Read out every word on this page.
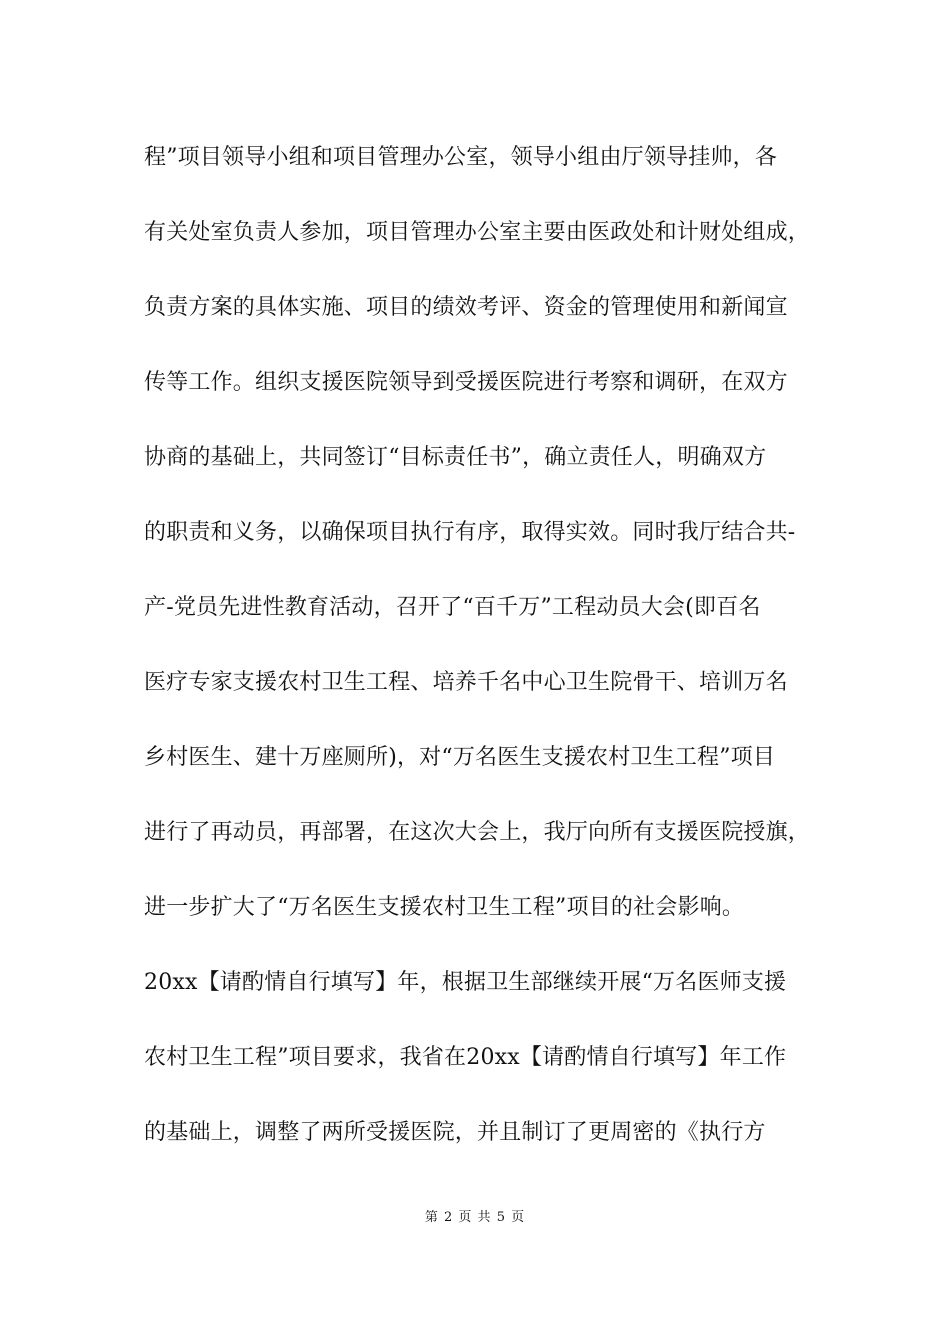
程”项目领导小组和项目管理办公室，领导小组由厅领导挂帅，各
有关处室负责人参加，项目管理办公室主要由医政处和计财处组成，
负责方案的具体实施、项目的绩效考评、资金的管理使用和新闻宣
传等工作。组织支援医院领导到受援医院进行考察和调研，在双方
协商的基础上，共同签订“目标责任书”，确立责任人，明确双方
的职责和义务，以确保项目执行有序，取得实效。同时我厅结合共-
产-党员先进性教育活动，召开了“百千万”工程动员大会(即百名
医疗专家支援农村卫生工程、培养千名中心卫生院骨干、培训万名
乡村医生、建十万座厕所)，对“万名医生支援农村卫生工程”项目
进行了再动员，再部署，在这次大会上，我厅向所有支援医院授旗，
进一步扩大了“万名医生支援农村卫生工程”项目的社会影响。
20xx【请酌情自行填写】年，根据卫生部继续开展“万名医师支援
农村卫生工程”项目要求，我省在20xx【请酌情自行填写】年工作
的基础上，调整了两所受援医院，并且制订了更周密的《执行方
第 2 页 共 5 页
